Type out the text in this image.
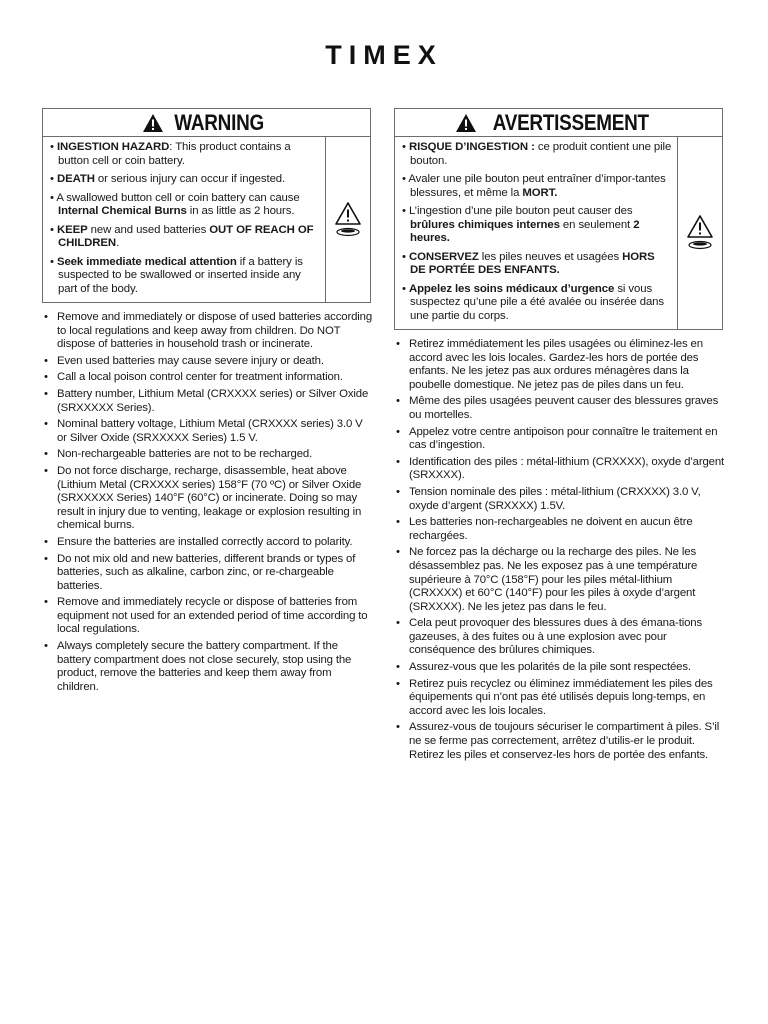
TIMEX
WARNING
• INGESTION HAZARD: This product contains a button cell or coin battery.
• DEATH or serious injury can occur if ingested.
• A swallowed button cell or coin battery can cause Internal Chemical Burns in as little as 2 hours.
• KEEP new and used batteries OUT OF REACH OF CHILDREN.
• Seek immediate medical attention if a battery is suspected to be swallowed or inserted inside any part of the body.
• Remove and immediately or dispose of used batteries according to local regulations and keep away from children. Do NOT dispose of batteries in household trash or incinerate.
• Even used batteries may cause severe injury or death.
• Call a local poison control center for treatment information.
• Battery number, Lithium Metal (CRXXXX series) or Silver Oxide (SRXXXXX Series).
• Nominal battery voltage, Lithium Metal (CRXXXX series) 3.0 V or Silver Oxide (SRXXXXX Series) 1.5 V.
• Non-rechargeable batteries are not to be recharged.
• Do not force discharge, recharge, disassemble, heat above (Lithium Metal (CRXXXX series) 158°F (70 ºC) or Silver Oxide (SRXXXXX Series) 140°F (60°C) or incinerate. Doing so may result in injury due to venting, leakage or explosion resulting in chemical burns.
• Ensure the batteries are installed correctly accord to polarity.
• Do not mix old and new batteries, different brands or types of batteries, such as alkaline, carbon zinc, or re-chargeable batteries.
• Remove and immediately recycle or dispose of batteries from equipment not used for an extended period of time according to local regulations.
• Always completely secure the battery compartment. If the battery compartment does not close securely, stop using the product, remove the batteries and keep them away from children.
AVERTISSEMENT
• RISQUE D’INGESTION : ce produit contient une pile bouton.
• Avaler une pile bouton peut entraîner d’impor-tantes blessures, et même la MORT.
• L’ingestion d’une pile bouton peut causer des brûlures chimiques internes en seulement 2 heures.
• CONSERVEZ les piles neuves et usagées HORS DE PORTÉE DES ENFANTS.
• Appelez les soins médicaux d’urgence si vous suspectez qu’une pile a été avalée ou insérée dans une partie du corps.
• Retirez immédiatement les piles usagées ou éliminez-les en accord avec les lois locales. Gardez-les hors de portée des enfants. Ne les jetez pas aux ordures ménagères dans la poubelle domestique. Ne jetez pas de piles dans un feu.
• Même des piles usagées peuvent causer des blessures graves ou mortelles.
• Appelez votre centre antipoison pour connaître le traitement en cas d’ingestion.
• Identification des piles : métal-lithium (CRXXXX), oxyde d’argent (SRXXXX).
• Tension nominale des piles : métal-lithium (CRXXXX) 3.0 V, oxyde d’argent (SRXXXX) 1.5V.
• Les batteries non-rechargeables ne doivent en aucun être rechargées.
• Ne forcez pas la décharge ou la recharge des piles. Ne les désassemblez pas. Ne les exposez pas à une température supérieure à 70°C (158°F) pour les piles métal-lithium (CRXXXX) et 60°C (140°F) pour les piles à oxyde d’argent (SRXXXX). Ne les jetez pas dans le feu.
• Cela peut provoquer des blessures dues à des émana-tions gazeuses, à des fuites ou à une explosion avec pour conséquence des brûlures chimiques.
• Assurez-vous que les polarités de la pile sont respectées.
• Retirez puis recyclez ou éliminez immédiatement les piles des équipements qui n’ont pas été utilisés depuis long-temps, en accord avec les lois locales.
• Assurez-vous de toujours sécuriser le compartiment à piles. S’il ne se ferme pas correctement, arrêtez d’utilis-er le produit. Retirez les piles et conservez-les hors de portée des enfants.
